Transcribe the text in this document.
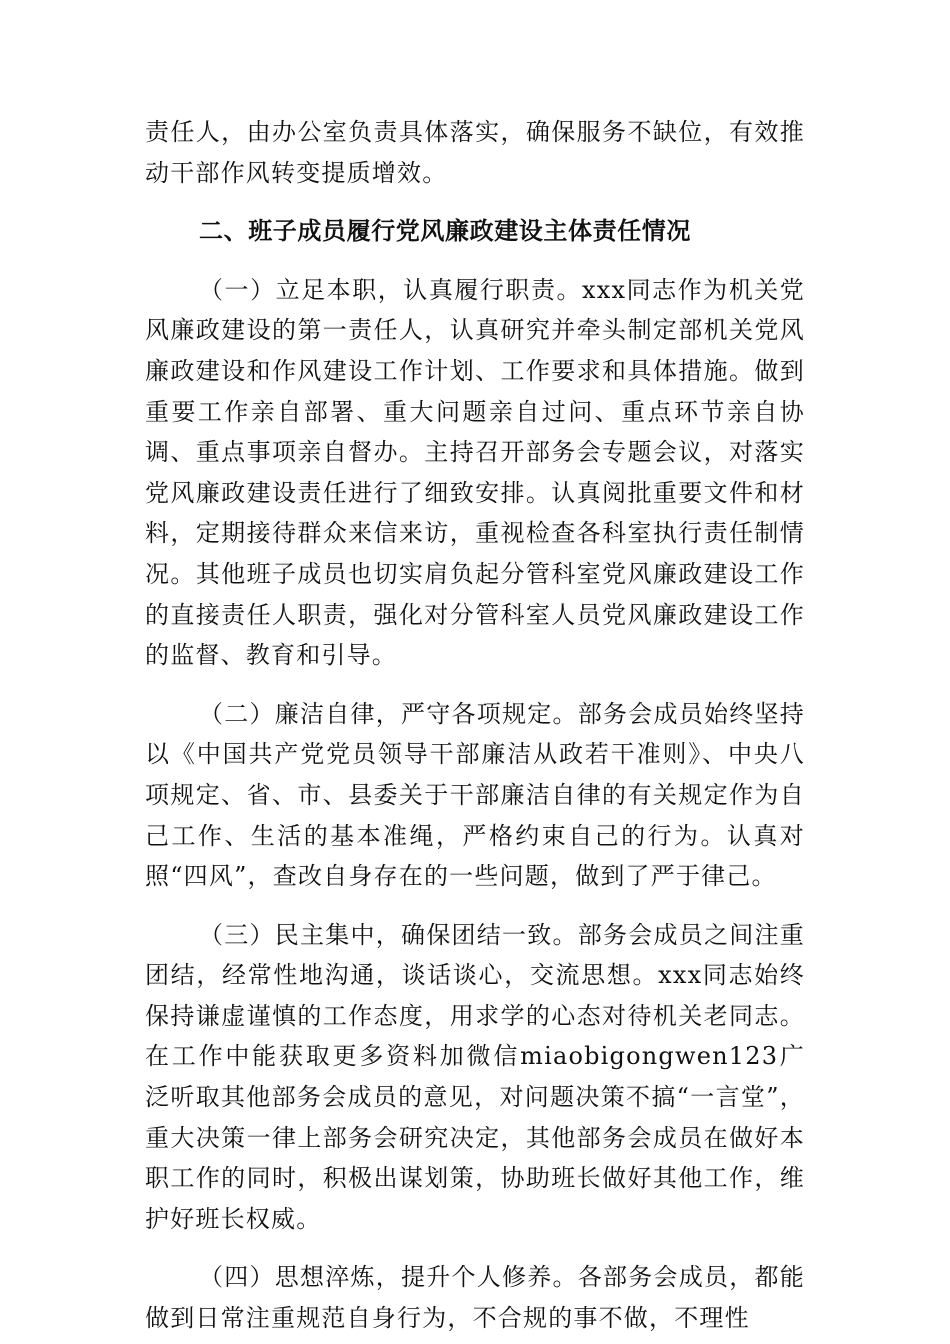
责任人，由办公室负责具体落实，确保服务不缺位，有效推动干部作风转变提质增效。

二、班子成员履行党风廉政建设主体责任情况

（一）立足本职，认真履行职责。xxx同志作为机关党风廉政建设的第一责任人，认真研究并牵头制定部机关党风廉政建设和作风建设工作计划、工作要求和具体措施。做到重要工作亲自部署、重大问题亲自过问、重点环节亲自协调、重点事项亲自督办。主持召开部务会专题会议，对落实党风廉政建设责任进行了细致安排。认真阅批重要文件和材料，定期接待群众来信来访，重视检查各科室执行责任制情况。其他班子成员也切实肩负起分管科室党风廉政建设工作的直接责任人职责，强化对分管科室人员党风廉政建设工作的监督、教育和引导。

（二）廉洁自律，严守各项规定。部务会成员始终坚持以《中国共产党党员领导干部廉洁从政若干准则》、中央八项规定、省、市、县委关于干部廉洁自律的有关规定作为自己工作、生活的基本准绳，严格约束自己的行为。认真对照“四风”，查改自身存在的一些问题，做到了严于律己。

（三）民主集中，确保团结一致。部务会成员之间注重团结，经常性地沟通，谈话谈心，交流思想。xxx同志始终保持谦虚谨慎的工作态度，用求学的心态对待机关老同志。在工作中能获取更多资料加微信miaobigongwen123广泛听取其他部务会成员的意见，对问题决策不搞“一言堂”，重大决策一律上部务会研究决定，其他部务会成员在做好本职工作的同时，积极出谋划策，协助班长做好其他工作，维护好班长权威。

（四）思想淬炼，提升个人修养。各部务会成员，都能做到日常注重规范自身行为，不合规的事不做，不理性
